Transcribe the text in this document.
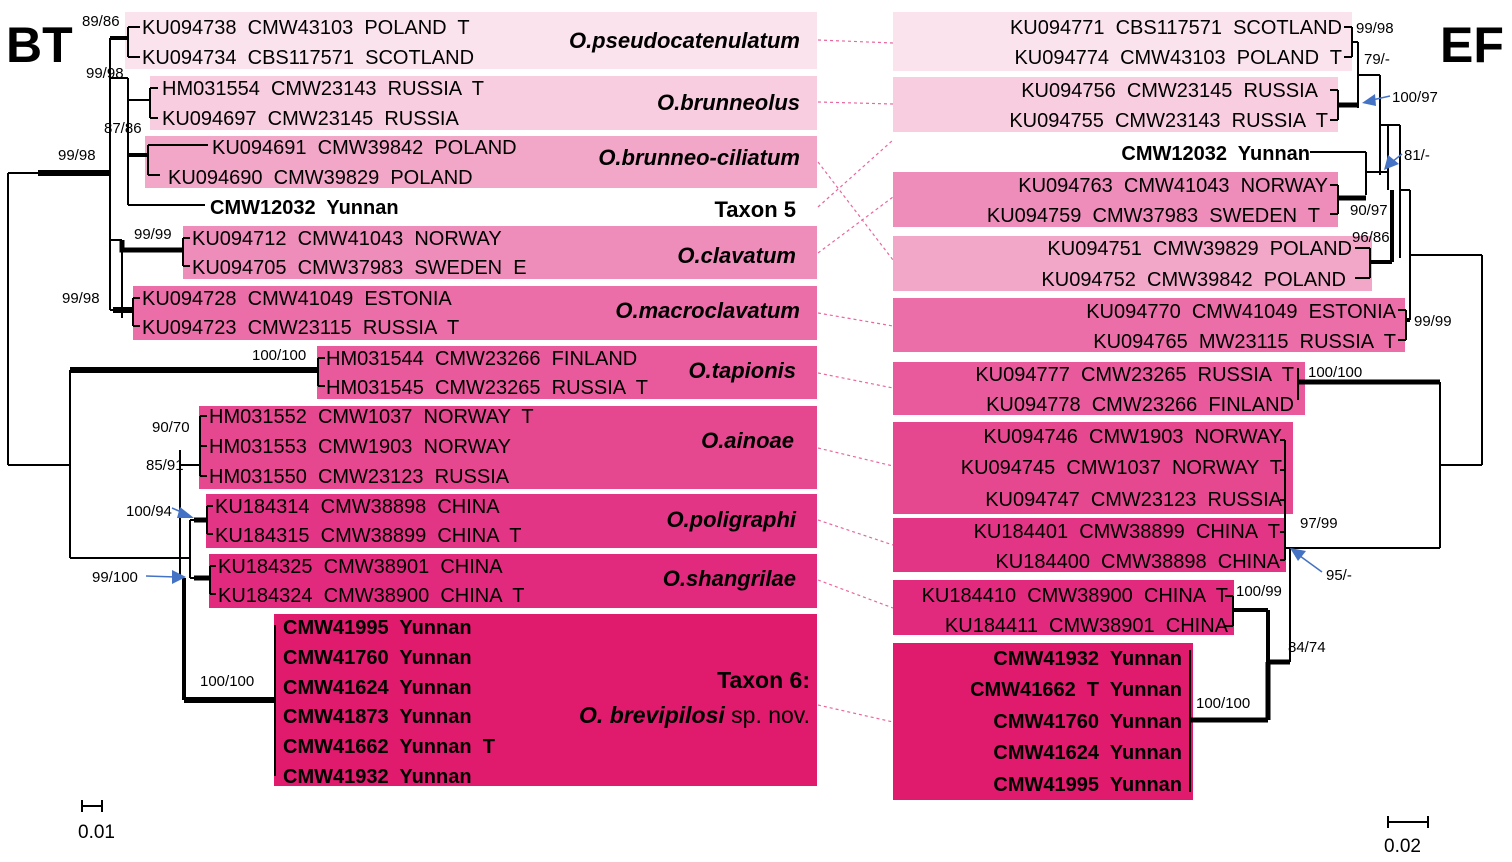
BT	EF
KU094738  CMW43103  POLAND  T
KU094734  CBS117571  SCOTLAND
HM031554  CMW23143  RUSSIA  T
KU094697  CMW23145  RUSSIA
KU094691  CMW39842  POLAND
KU094690  CMW39829  POLAND
CMW12032  Yunnan
KU094712  CMW41043  NORWAY
KU094705  CMW37983  SWEDEN  E
KU094728  CMW41049  ESTONIA
KU094723  CMW23115  RUSSIA  T
HM031544  CMW23266  FINLAND
HM031545  CMW23265  RUSSIA  T
HM031552  CMW1037  NORWAY  T
HM031553  CMW1903  NORWAY
HM031550  CMW23123  RUSSIA
KU184314  CMW38898  CHINA
KU184315  CMW38899  CHINA  T
KU184325  CMW38901  CHINA
KU184324  CMW38900  CHINA  T
CMW41995  Yunnan
CMW41760  Yunnan
CMW41624  Yunnan
CMW41873  Yunnan
CMW41662  Yunnan  T
CMW41932  Yunnan
O.pseudocatenulatum
O.brunneolus
O.brunneo-ciliatum
O.clavatum
O.macroclavatum
O.tapionis
O.ainoae
O.poligraphi
O.shangrilae
Taxon 5
Taxon 6:
O. brevipilosi sp. nov.
89/86
99/98
87/86
99/98
99/99
99/98
100/100
90/70
85/91
100/94
99/100
100/100
0.01
KU094771  CBS117571  SCOTLAND
KU094774  CMW43103  POLAND  T
KU094756  CMW23145  RUSSIA
KU094755  CMW23143  RUSSIA  T
CMW12032  Yunnan
KU094763  CMW41043  NORWAY
KU094759  CMW37983  SWEDEN  T
KU094751  CMW39829  POLAND
KU094752  CMW39842  POLAND
KU094770  CMW41049  ESTONIA
KU094765  MW23115  RUSSIA  T
KU094777  CMW23265  RUSSIA  T
KU094778  CMW23266  FINLAND
KU094746  CMW1903  NORWAY
KU094745  CMW1037  NORWAY  T
KU094747  CMW23123  RUSSIA
KU184401  CMW38899  CHINA  T
KU184400  CMW38898  CHINA
KU184410  CMW38900  CHINA  T
KU184411  CMW38901  CHINA
CMW41932  Yunnan
CMW41662  T  Yunnan
CMW41760  Yunnan
CMW41624  Yunnan
CMW41995  Yunnan
99/98
79/-
100/97
81/-
90/97
96/86
99/99
100/100
97/99
95/-
100/99
84/74
100/100
0.02
